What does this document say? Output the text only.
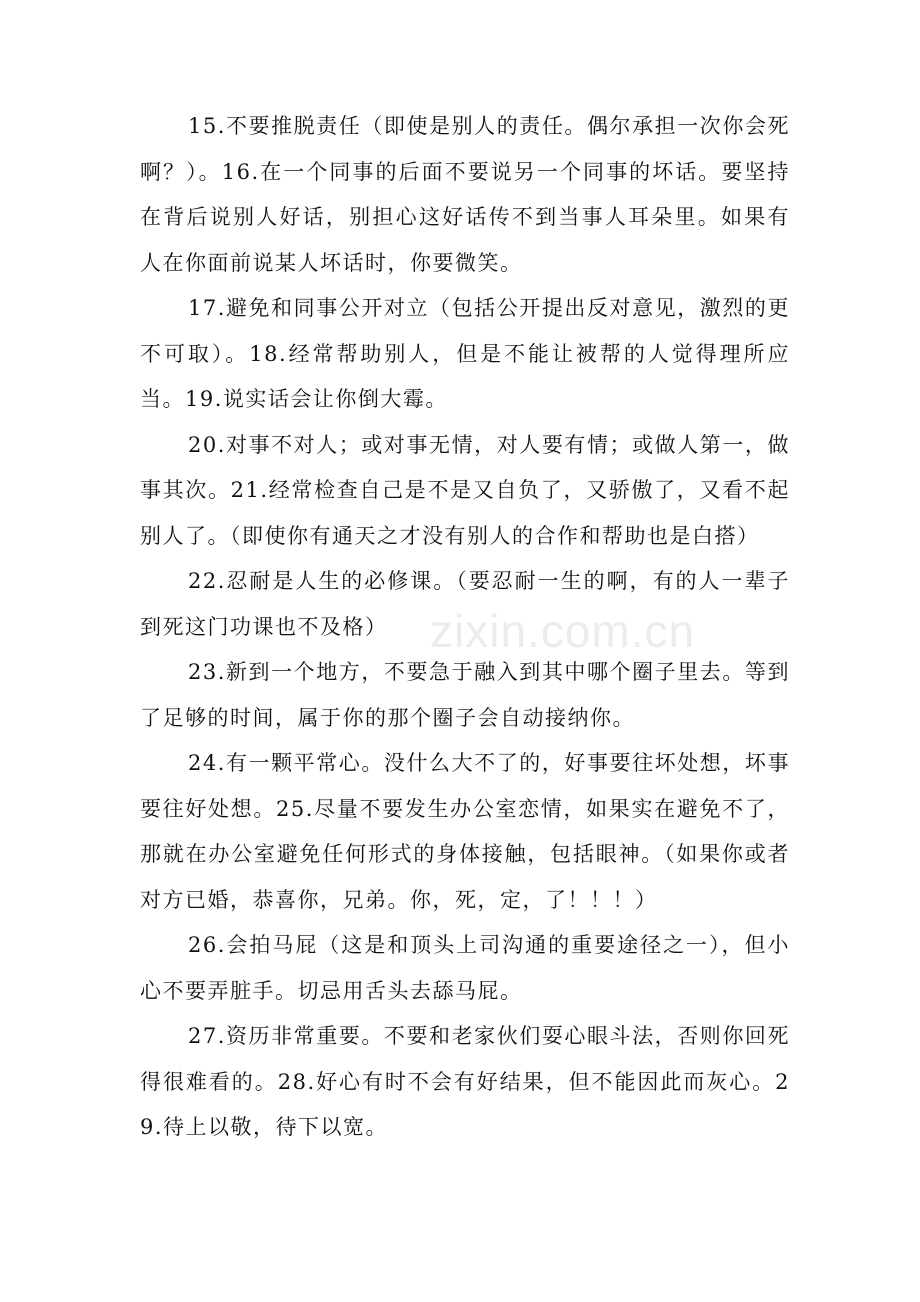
15.不要推脱责任（即使是别人的责任。偶尔承担一次你会死啊？）。16.在一个同事的后面不要说另一个同事的坏话。要坚持在背后说别人好话，别担心这好话传不到当事人耳朵里。如果有人在你面前说某人坏话时，你要微笑。

17.避免和同事公开对立（包括公开提出反对意见，激烈的更不可取）。18.经常帮助别人，但是不能让被帮的人觉得理所应当。19.说实话会让你倒大霉。

20.对事不对人；或对事无情，对人要有情；或做人第一，做事其次。21.经常检查自己是不是又自负了，又骄傲了，又看不起别人了。（即使你有通天之才没有别人的合作和帮助也是白搭）

22.忍耐是人生的必修课。（要忍耐一生的啊，有的人一辈子到死这门功课也不及格）

23.新到一个地方，不要急于融入到其中哪个圈子里去。等到了足够的时间，属于你的那个圈子会自动接纳你。

24.有一颗平常心。没什么大不了的，好事要往坏处想，坏事要往好处想。25.尽量不要发生办公室恋情，如果实在避免不了，那就在办公室避免任何形式的身体接触，包括眼神。（如果你或者对方已婚，恭喜你，兄弟。你，死，定，了！！！）

26.会拍马屁（这是和顶头上司沟通的重要途径之一），但小心不要弄脏手。切忌用舌头去舔马屁。

27.资历非常重要。不要和老家伙们耍心眼斗法，否则你回死得很难看的。28.好心有时不会有好结果，但不能因此而灰心。29.待上以敬，待下以宽。

zixin.com.cn
